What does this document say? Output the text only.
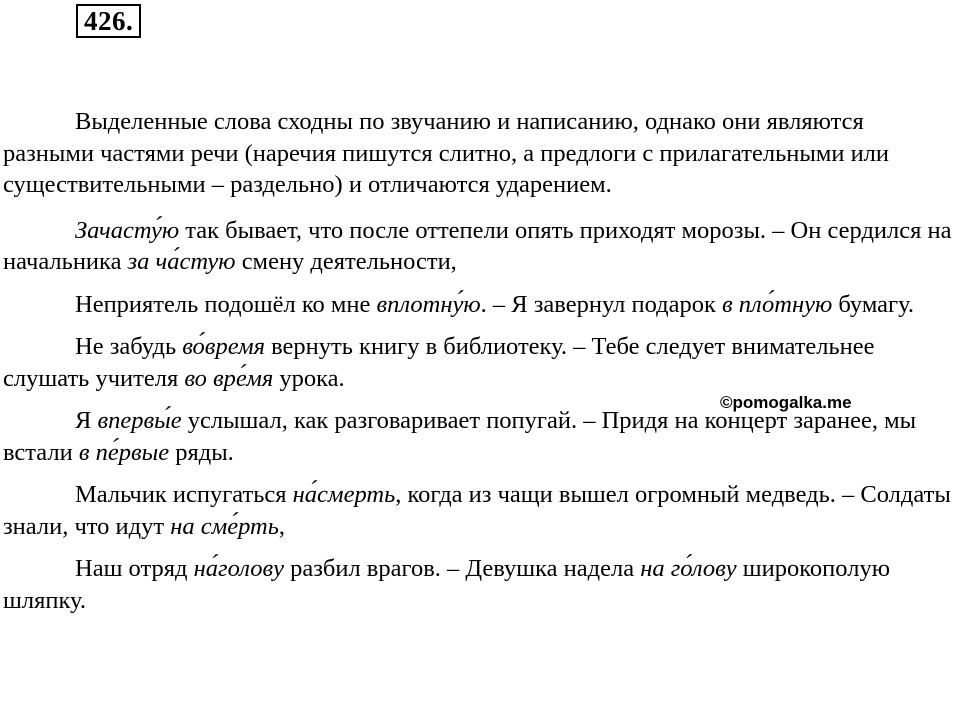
426.

Выделенные слова сходны по звучанию и написанию, однако они являются разными частями речи (наречия пишутся слитно, а предлоги с прилагательными или существительными – раздельно) и отличаются ударением.

Зачасту́ю так бывает, что после оттепели опять приходят морозы. – Он сердился на начальника за ча́стую смену деятельности,

Неприятель подошёл ко мне вплотну́ю. – Я завернул подарок в пло́тную бумагу.

Не забудь во́время вернуть книгу в библиотеку. – Тебе следует внимательнее слушать учителя во вре́мя урока.

Я впервы́е услышал, как разговаривает попугай. – Придя на концерт заранее, мы встали в пе́рвые ряды.

Мальчик испугаться на́смерть, когда из чащи вышел огромный медведь. – Солдаты знали, что идут на сме́рть,

Наш отряд на́голову разбил врагов. – Девушка надела на го́лову широкополую шляпку.

©pomogalka.me
